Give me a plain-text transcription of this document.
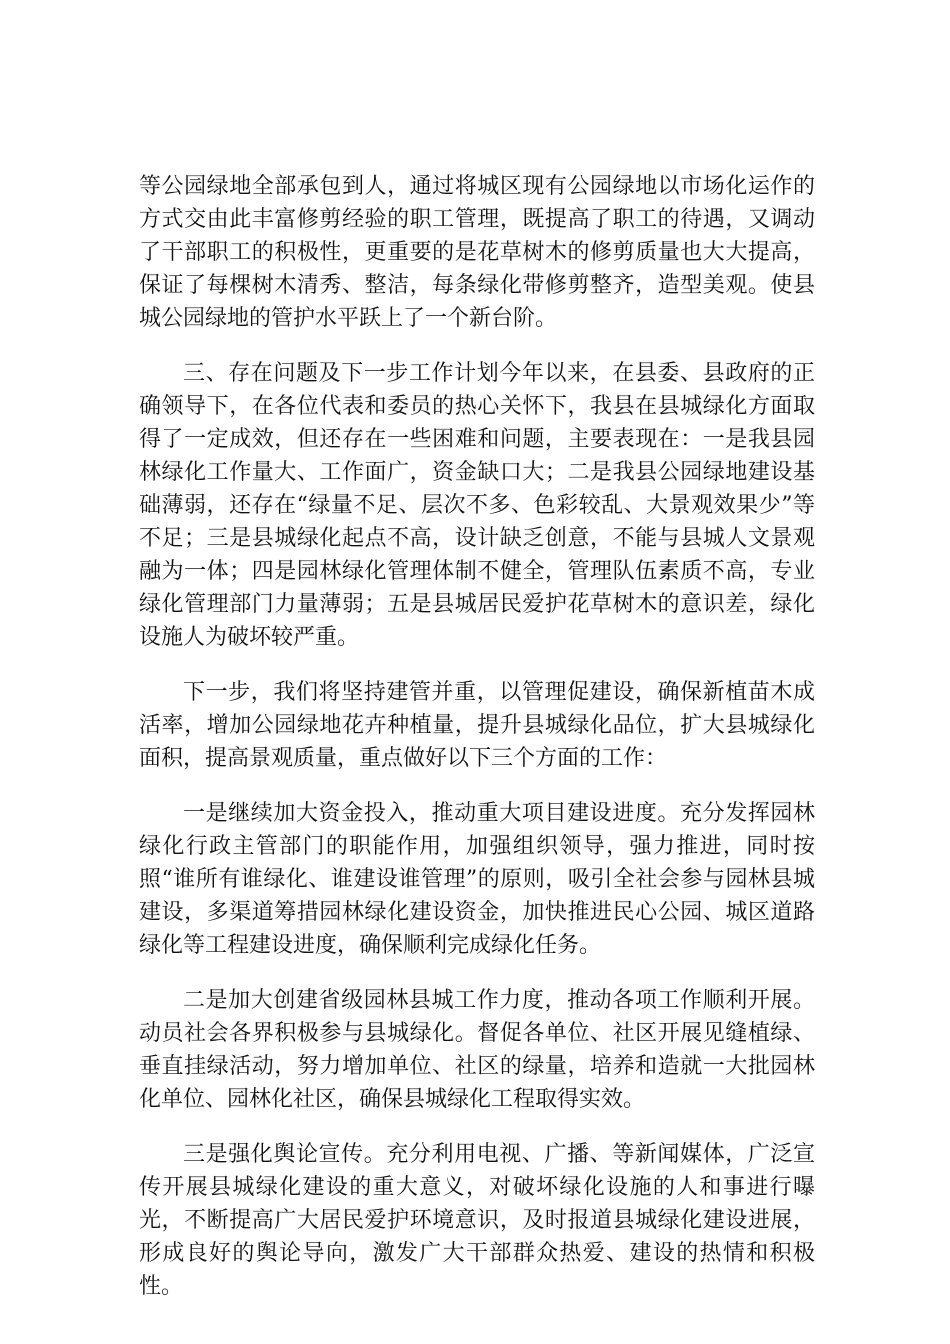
等公园绿地全部承包到人，通过将城区现有公园绿地以市场化运作的方式交由此丰富修剪经验的职工管理，既提高了职工的待遇，又调动了干部职工的积极性，更重要的是花草树木的修剪质量也大大提高，保证了每棵树木清秀、整洁，每条绿化带修剪整齐，造型美观。使县城公园绿地的管护水平跃上了一个新台阶。

三、存在问题及下一步工作计划今年以来，在县委、县政府的正确领导下，在各位代表和委员的热心关怀下，我县在县城绿化方面取得了一定成效，但还存在一些困难和问题，主要表现在：一是我县园林绿化工作量大、工作面广，资金缺口大；二是我县公园绿地建设基础薄弱，还存在“绿量不足、层次不多、色彩较乱、大景观效果少”等不足；三是县城绿化起点不高，设计缺乏创意，不能与县城人文景观融为一体；四是园林绿化管理体制不健全，管理队伍素质不高，专业绿化管理部门力量薄弱；五是县城居民爱护花草树木的意识差，绿化设施人为破坏较严重。

下一步，我们将坚持建管并重，以管理促建设，确保新植苗木成活率，增加公园绿地花卉种植量，提升县城绿化品位，扩大县城绿化面积，提高景观质量，重点做好以下三个方面的工作：

一是继续加大资金投入，推动重大项目建设进度。充分发挥园林绿化行政主管部门的职能作用，加强组织领导，强力推进，同时按照“谁所有谁绿化、谁建设谁管理”的原则，吸引全社会参与园林县城建设，多渠道筹措园林绿化建设资金，加快推进民心公园、城区道路绿化等工程建设进度，确保顺利完成绿化任务。

二是加大创建省级园林县城工作力度，推动各项工作顺利开展。动员社会各界积极参与县城绿化。督促各单位、社区开展见缝植绿、垂直挂绿活动，努力增加单位、社区的绿量，培养和造就一大批园林化单位、园林化社区，确保县城绿化工程取得实效。

三是强化舆论宣传。充分利用电视、广播、等新闻媒体，广泛宣传开展县城绿化建设的重大意义，对破坏绿化设施的人和事进行曝光，不断提高广大居民爱护环境意识，及时报道县城绿化建设进展，形成良好的舆论导向，激发广大干部群众热爱、建设的热情和积极性。
